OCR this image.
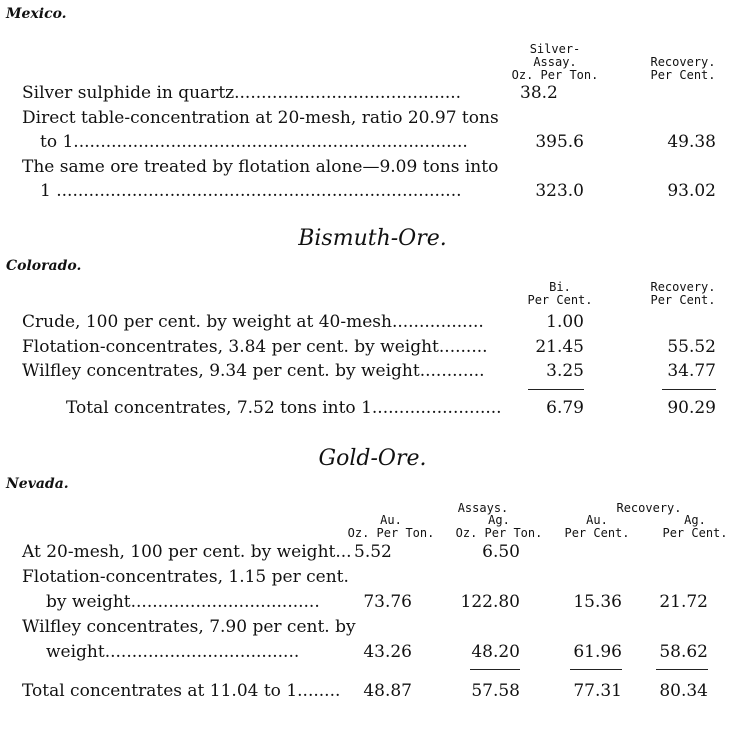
Mexico.
Silver-
Assay.
Oz. Per Ton.
Recovery.
Per Cent.
Silver sulphide in quartz..........................................	38.2
Direct table-concentration at 20-mesh, ratio 20.97 tons
to 1.........................................................................	395.6	49.38
The same ore treated by flotation alone—9.09 tons into
1 ...........................................................................	323.0	93.02
Bismuth-Ore.
Colorado.
Bi.
Per Cent.
Recovery.
Per Cent.
Crude, 100 per cent. by weight at 40-mesh.................	1.00
Flotation-concentrates, 3.84 per cent. by weight.........	21.45	55.52
Wilfley concentrates, 9.34 per cent. by weight............	3.25	34.77
Total concentrates, 7.52 tons into 1........................	6.79	90.29
Gold-Ore.
Nevada.
Assays.	Recovery.
Au.
Oz. Per Ton.
Ag.
Oz. Per Ton.
Au.
Per Cent.
Ag.
Per Cent.
At 20-mesh, 100 per cent. by weight... 5.52	6.50
Flotation-concentrates, 1.15 per cent.
by weight...................................	73.76	122.80	15.36	21.72
Wilfley concentrates, 7.90 per cent. by
weight....................................	43.26	48.20	61.96	58.62
Total concentrates at 11.04 to 1........	48.87	57.58	77.31	80.34
